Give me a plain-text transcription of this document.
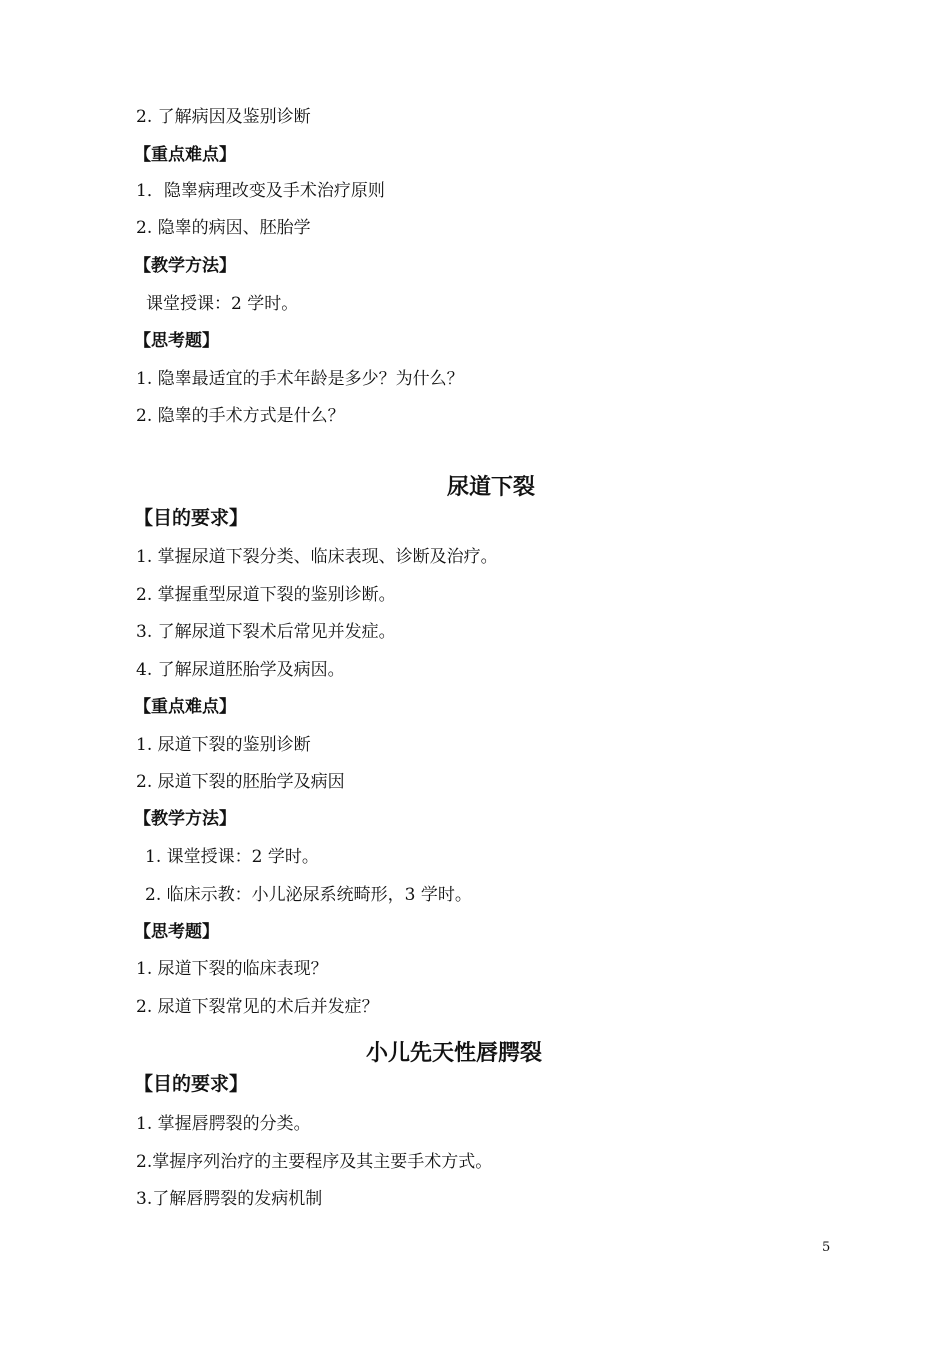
2. 了解病因及鉴别诊断
【重点难点】
1．隐睾病理改变及手术治疗原则
2. 隐睾的病因、胚胎学
【教学方法】
课堂授课：2 学时。
【思考题】
1. 隐睾最适宜的手术年龄是多少？为什么？
2. 隐睾的手术方式是什么？
尿道下裂
【目的要求】
1. 掌握尿道下裂分类、临床表现、诊断及治疗。
2. 掌握重型尿道下裂的鉴别诊断。
3. 了解尿道下裂术后常见并发症。
4. 了解尿道胚胎学及病因。
【重点难点】
1. 尿道下裂的鉴别诊断
2. 尿道下裂的胚胎学及病因
【教学方法】
1. 课堂授课：2 学时。
2. 临床示教：小儿泌尿系统畸形，3 学时。
【思考题】
1. 尿道下裂的临床表现？
2. 尿道下裂常见的术后并发症？
小儿先天性唇腭裂
【目的要求】
1. 掌握唇腭裂的分类。
2.掌握序列治疗的主要程序及其主要手术方式。
3.了解唇腭裂的发病机制
5
